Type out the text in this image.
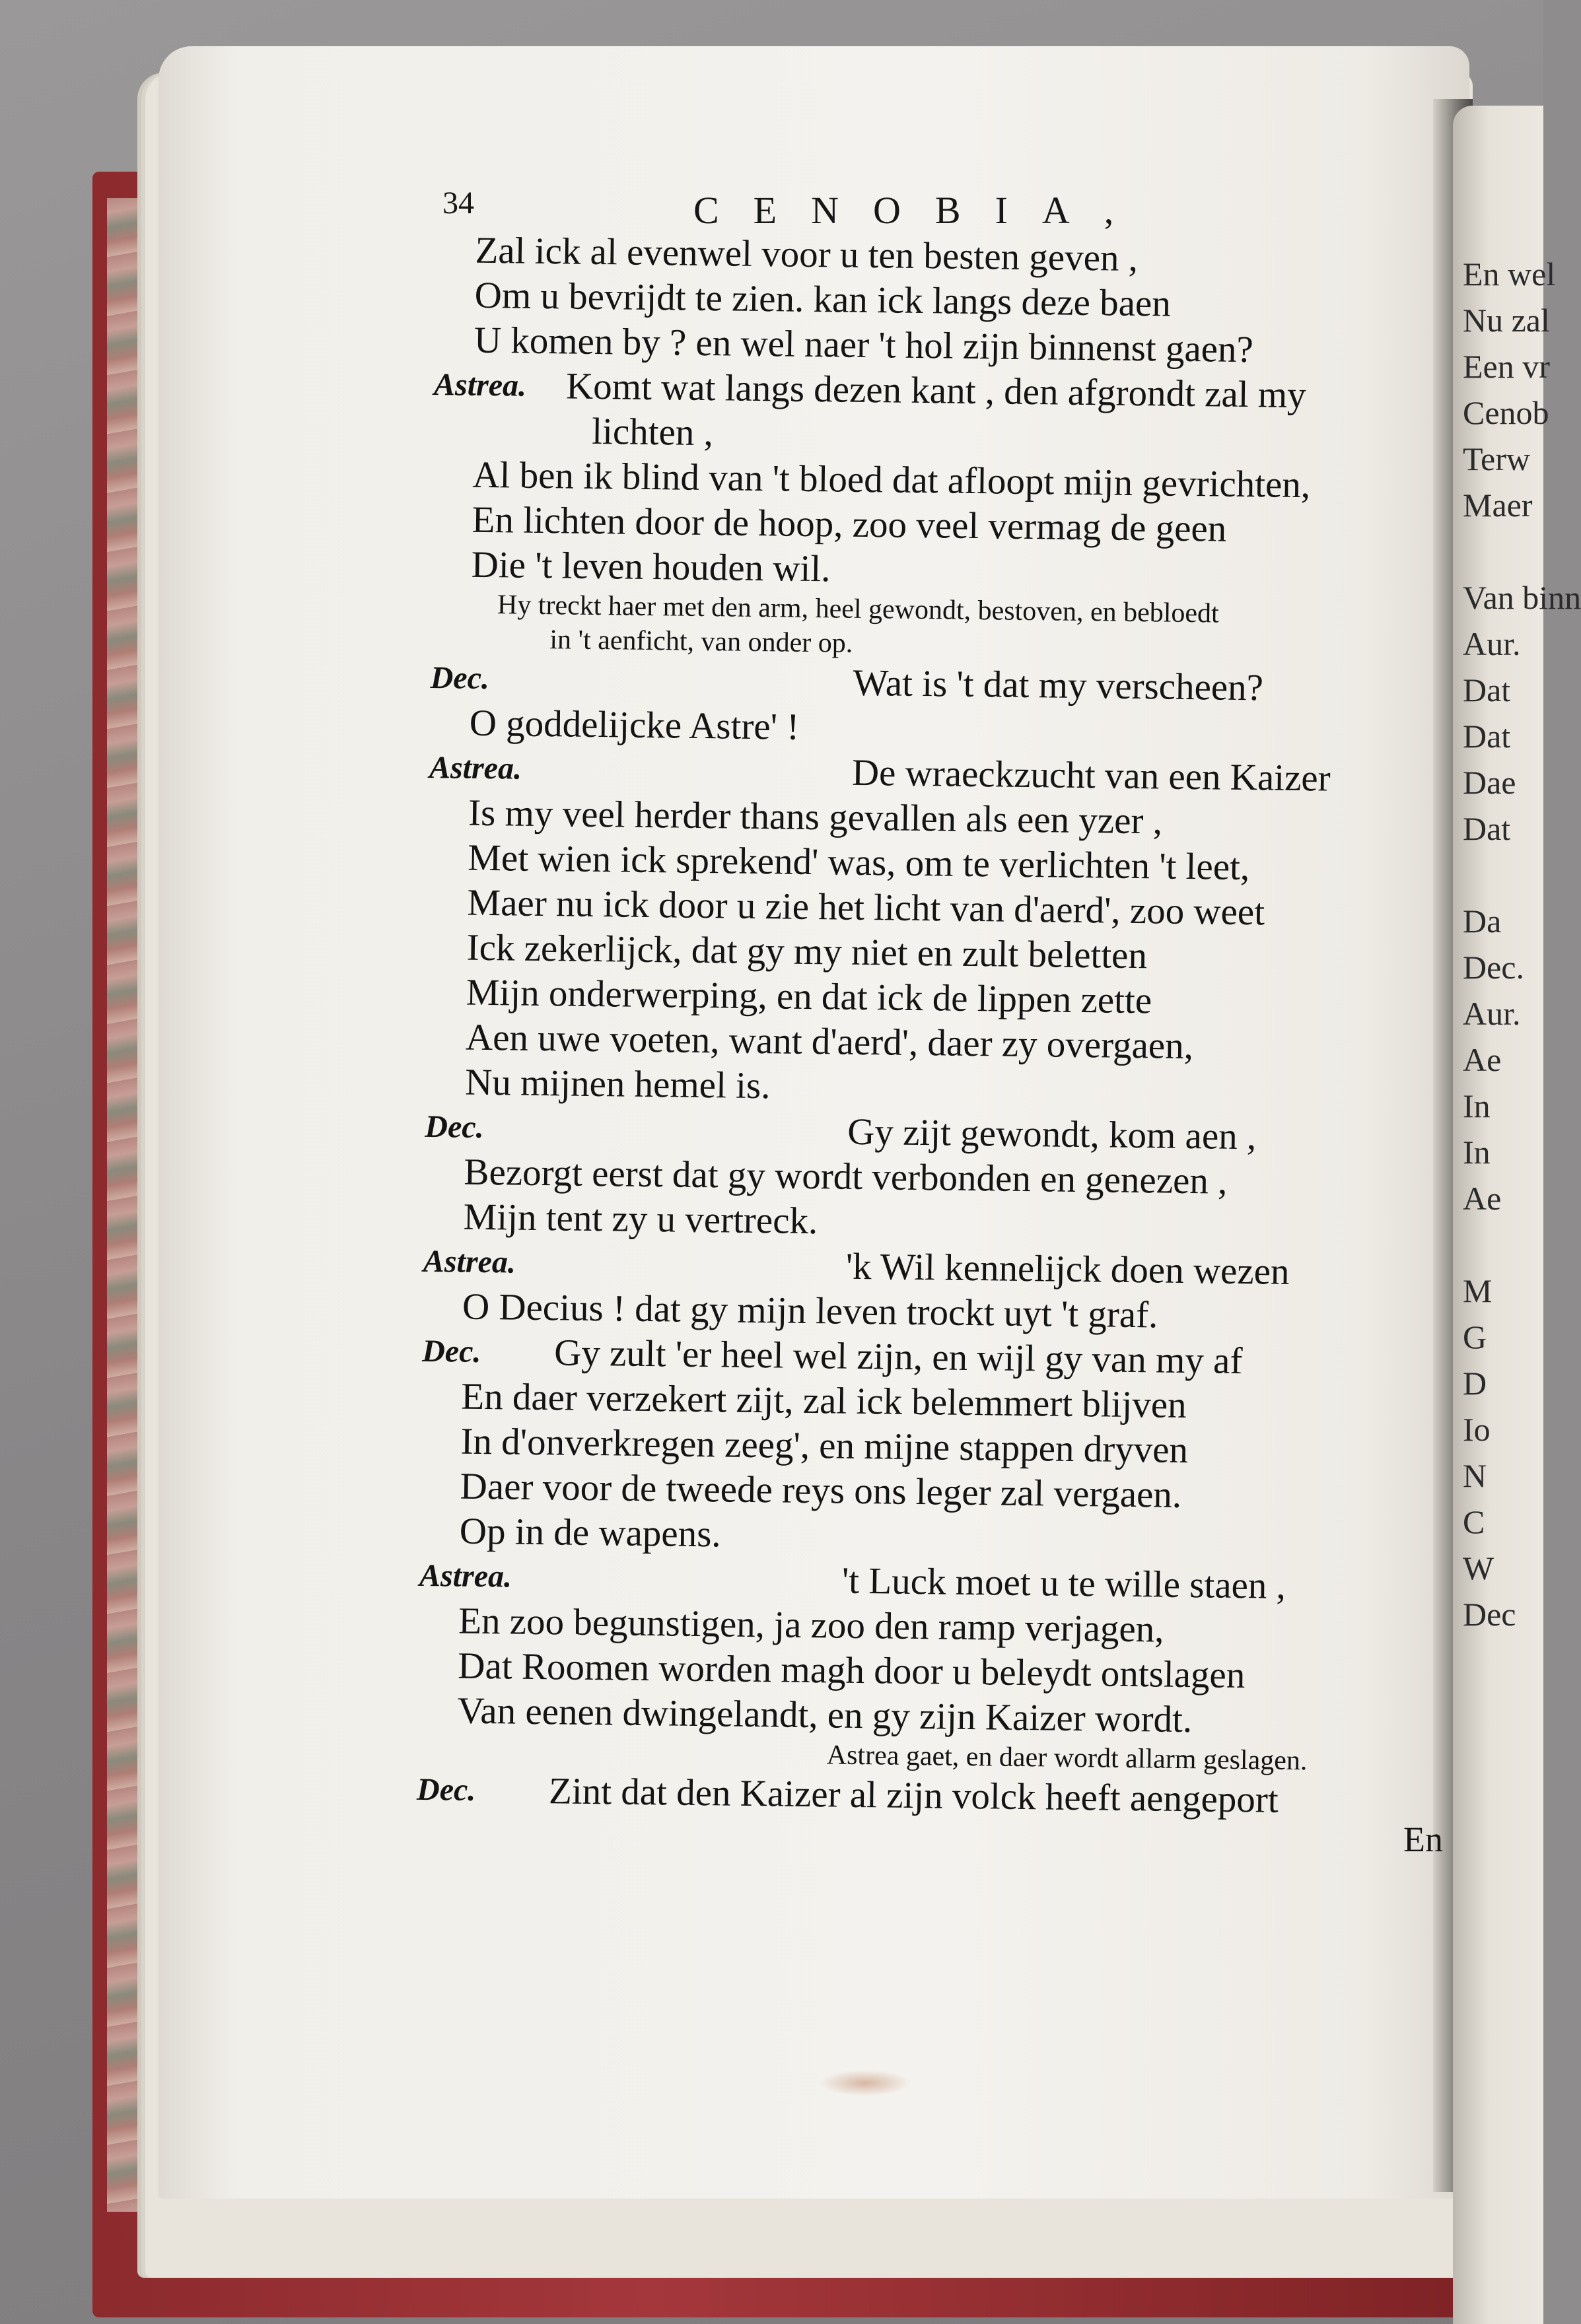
34	CENOBIA,
Zal ick al evenwel voor u ten besten geven ,
Om u bevrijdt te zien. kan ick langs deze baen
U komen by ? en wel naer 't hol zijn binnenst gaen?
Astrea. Komt wat langs dezen kant , den afgrondt zal my
lichten ,
Al ben ik blind van 't bloed dat afloopt mijn gevrichten,
En lichten door de hoop, zoo veel vermag de geen
Die 't leven houden wil.
Hy treckt haer met den arm, heel gewondt, bestoven, en bebloedt
in 't aenficht, van onder op.
Dec.	Wat is 't dat my verscheen?
O goddelijcke Astre' !
Astrea.	De wraeckzucht van een Kaizer
Is my veel herder thans gevallen als een yzer ,
Met wien ick sprekend' was, om te verlichten 't leet,
Maer nu ick door u zie het licht van d'aerd', zoo weet
Ick zekerlijck, dat gy my niet en zult beletten
Mijn onderwerping, en dat ick de lippen zette
Aen uwe voeten, want d'aerd', daer zy overgaen,
Nu mijnen hemel is.
Dec.	Gy zijt gewondt, kom aen ,
Bezorgt eerst dat gy wordt verbonden en genezen ,
Mijn tent zy u vertreck.
Astrea.	'k Wil kennelijck doen wezen
O Decius ! dat gy mijn leven trockt uyt 't graf.
Dec. Gy zult 'er heel wel zijn, en wijl gy van my af
En daer verzekert zijt, zal ick belemmert blijven
In d'onverkregen zeeg', en mijne stappen dryven
Daer voor de tweede reys ons leger zal vergaen.
Op in de wapens.
Astrea.	't Luck moet u te wille staen ,
En zoo begunstigen, ja zoo den ramp verjagen,
Dat Roomen worden magh door u beleydt ontslagen
Van eenen dwingelandt, en gy zijn Kaizer wordt.
Astrea gaet, en daer wordt allarm geslagen.
Dec. Zint dat den Kaizer al zijn volck heeft aengeport
En
En wel
Nu zal
Een vr
Cenob
Terw
Maer

Van binn
Aur.
Dat
Dat
Dae
Dat

Da
Dec.
Aur.
Ae
In
In
Ae

M
G
D
Io
N
C
W
Dec
